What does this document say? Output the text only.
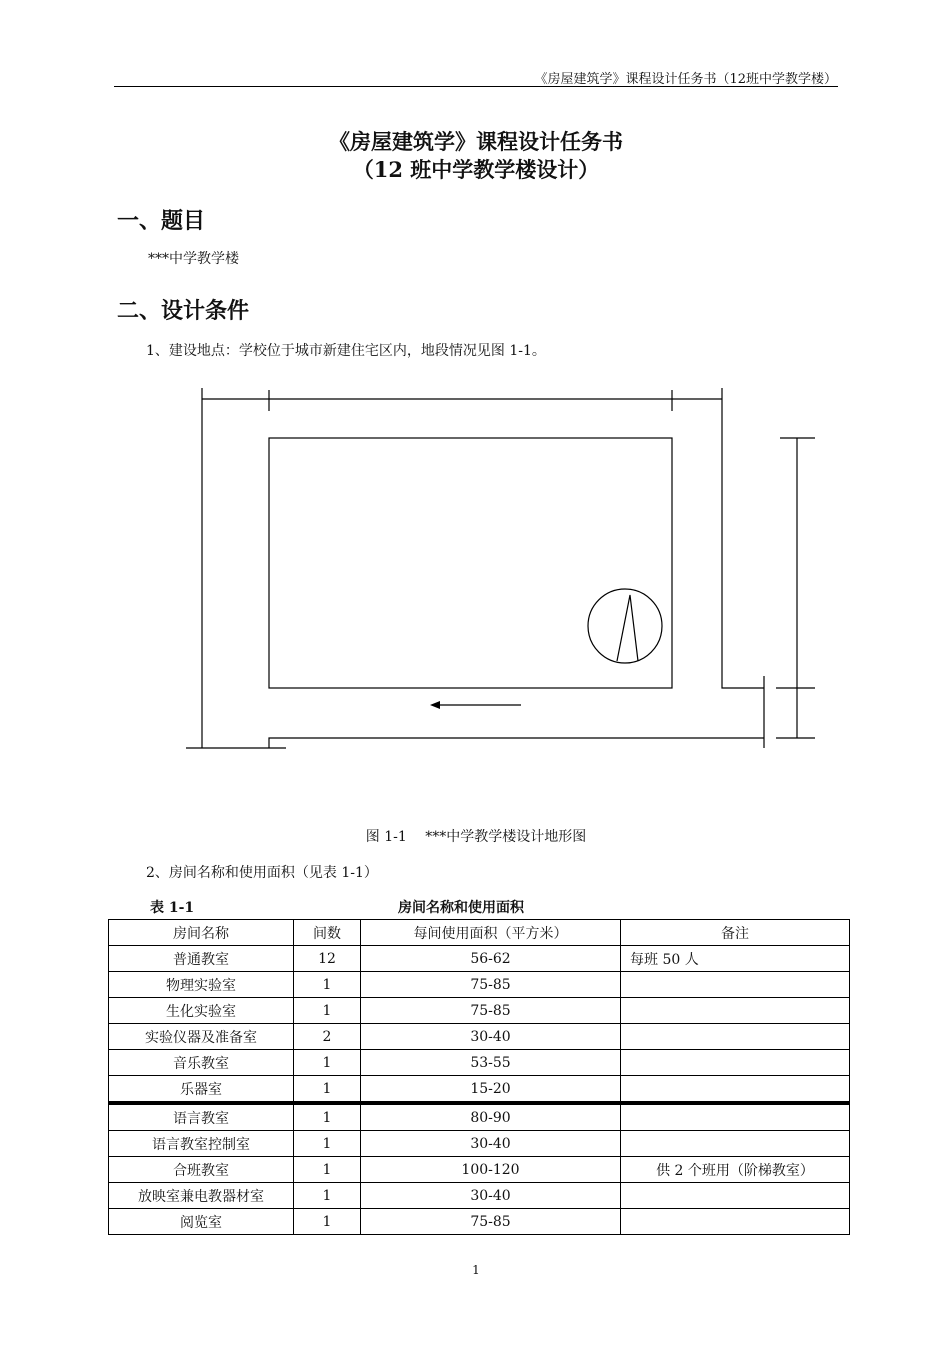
《房屋建筑学》课程设计任务书（12班中学教学楼）
《房屋建筑学》课程设计任务书
（12 班中学教学楼设计）
一、题目
***中学教学楼
二、设计条件
1、建设地点：学校位于城市新建住宅区内，地段情况见图 1-1。
图 1-1　 ***中学教学楼设计地形图
2、房间名称和使用面积（见表 1-1）
表 1-1	房间名称和使用面积
房间名称	间数	每间使用面积（平方米）	备注
普通教室	12	56-62	每班 50 人
物理实验室	1	75-85	
生化实验室	1	75-85	
实验仪器及准备室	2	30-40	
音乐教室	1	53-55	
乐器室	1	15-20	
语言教室	1	80-90	
语言教室控制室	1	30-40	
合班教室	1	100-120	供 2 个班用（阶梯教室）
放映室兼电教器材室	1	30-40	
阅览室	1	75-85	
1
